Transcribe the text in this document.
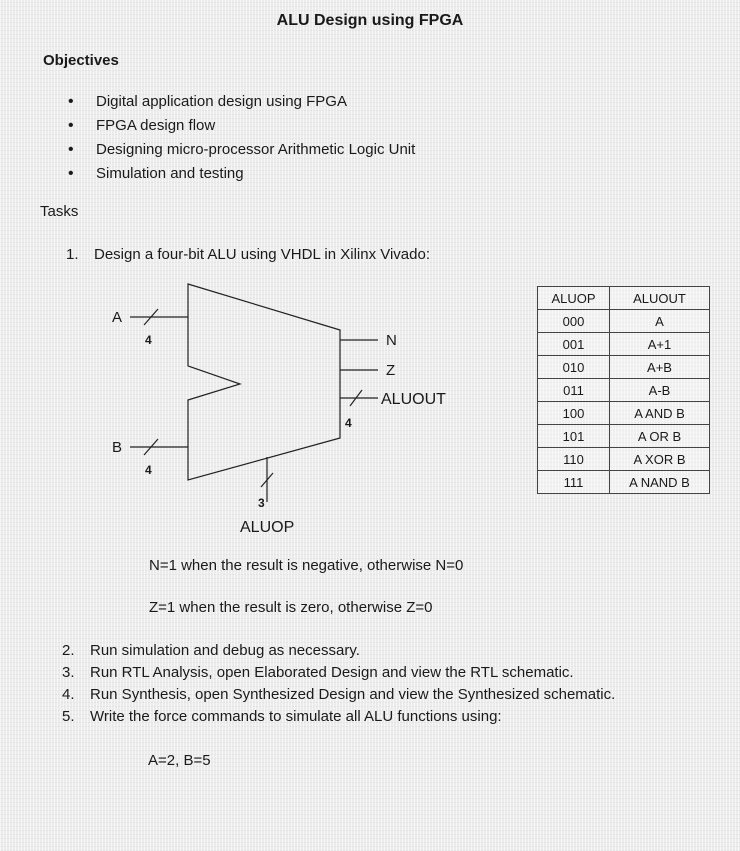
ALU Design using FPGA
Objectives
• Digital application design using FPGA
• FPGA design flow
• Designing micro-processor Arithmetic Logic Unit
• Simulation and testing
Tasks
1. Design a four-bit ALU using VHDL in Xilinx Vivado:
A
4
B
4
N
Z
ALUOUT
4
3
ALUOP
ALUOP	ALUOUT
000	A
001	A+1
010	A+B
011	A-B
100	A AND B
101	A OR B
110	A XOR B
111	A NAND B
N=1 when the result is negative, otherwise N=0
Z=1 when the result is zero, otherwise Z=0
2. Run simulation and debug as necessary.
3. Run RTL Analysis, open Elaborated Design and view the RTL schematic.
4. Run Synthesis, open Synthesized Design and view the Synthesized schematic.
5. Write the force commands to simulate all ALU functions using:
A=2, B=5
